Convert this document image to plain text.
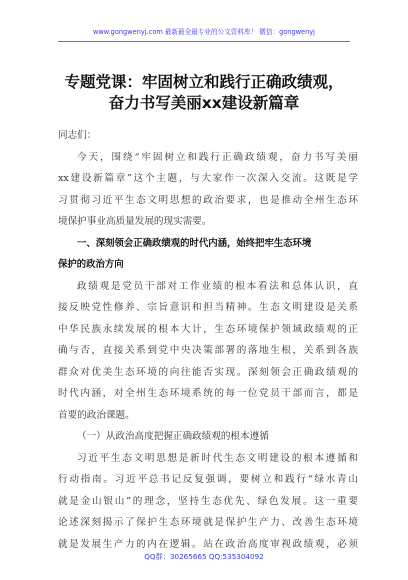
www.gongwenyj.com 最新最全最专业的公文资料库！ 微信：gongwenyj
专题党课：牢固树立和践行正确政绩观，
奋力书写美丽xx建设新篇章
同志们：
今天，围绕“牢固树立和践行正确政绩观，奋力书写美丽
xx建设新篇章”这个主题，与大家作一次深入交流。这既是学
习贯彻习近平生态文明思想的政治要求，也是推动全州生态环
境保护事业高质量发展的现实需要。
一、深刻领会正确政绩观的时代内涵，始终把牢生态环境
保护的政治方向
政绩观是党员干部对工作业绩的根本看法和总体认识，直
接反映党性修养、宗旨意识和担当精神。生态文明建设是关系
中华民族永续发展的根本大计，生态环境保护领域政绩观的正
确与否，直接关系到党中央决策部署的落地生根，关系到各族
群众对优美生态环境的向往能否实现。深刻领会正确政绩观的
时代内涵，对全州生态环境系统的每一位党员干部而言，都是
首要的政治课题。
（一）从政治高度把握正确政绩观的根本遵循
习近平生态文明思想是新时代生态文明建设的根本遵循和
行动指南。习近平总书记反复强调，要树立和践行“绿水青山
就是金山银山”的理念，坚持生态优先、绿色发展。这一重要
论述深刻揭示了保护生态环境就是保护生产力、改善生态环境
就是发展生产力的内在逻辑。站在政治高度审视政绩观，必须
QQ群：30265665 QQ:535304092
